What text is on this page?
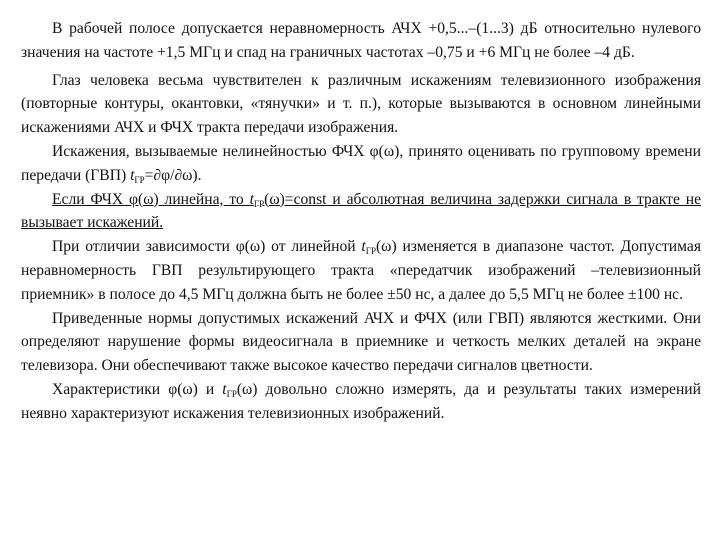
В рабочей полосе допускается неравномерность АЧХ +0,5...–(1...3) дБ относительно нулевого значения на частоте +1,5 МГц и спад на граничных частотах –0,75 и +6 МГц не более –4 дБ.

Глаз человека весьма чувствителен к различным искажениям телевизионного изображения (повторные контуры, окантовки, «тянучки» и т. п.), которые вызываются в основном линейными искажениями АЧХ и ФЧХ тракта передачи изображения.

Искажения, вызываемые нелинейностью ФЧХ φ(ω), принято оценивать по групповому времени передачи (ГВП) $t_{ГР}=\partial\varphi/\partial\omega$).

Если ФЧХ φ(ω) линейна, то $t_{ГР}(\omega)=const$ и абсолютная величина задержки сигнала в тракте не вызывает искажений.

При отличии зависимости φ(ω) от линейной $t_{ГР}(\omega)$ изменяется в диапазоне частот. Допустимая неравномерность ГВП результирующего тракта «передатчик изображений –телевизионный приемник» в полосе до 4,5 МГц должна быть не более ±50 нс, а далее до 5,5 МГц не более ±100 нс.

Приведенные нормы допустимых искажений АЧХ и ФЧХ (или ГВП) являются жесткими. Они определяют нарушение формы видеосигнала в приемнике и четкость мелких деталей на экране телевизора. Они обеспечивают также высокое качество передачи сигналов цветности.

Характеристики φ(ω) и $t_{ГР}(\omega)$ довольно сложно измерять, да и результаты таких измерений неявно характеризуют искажения телевизионных изображений.
